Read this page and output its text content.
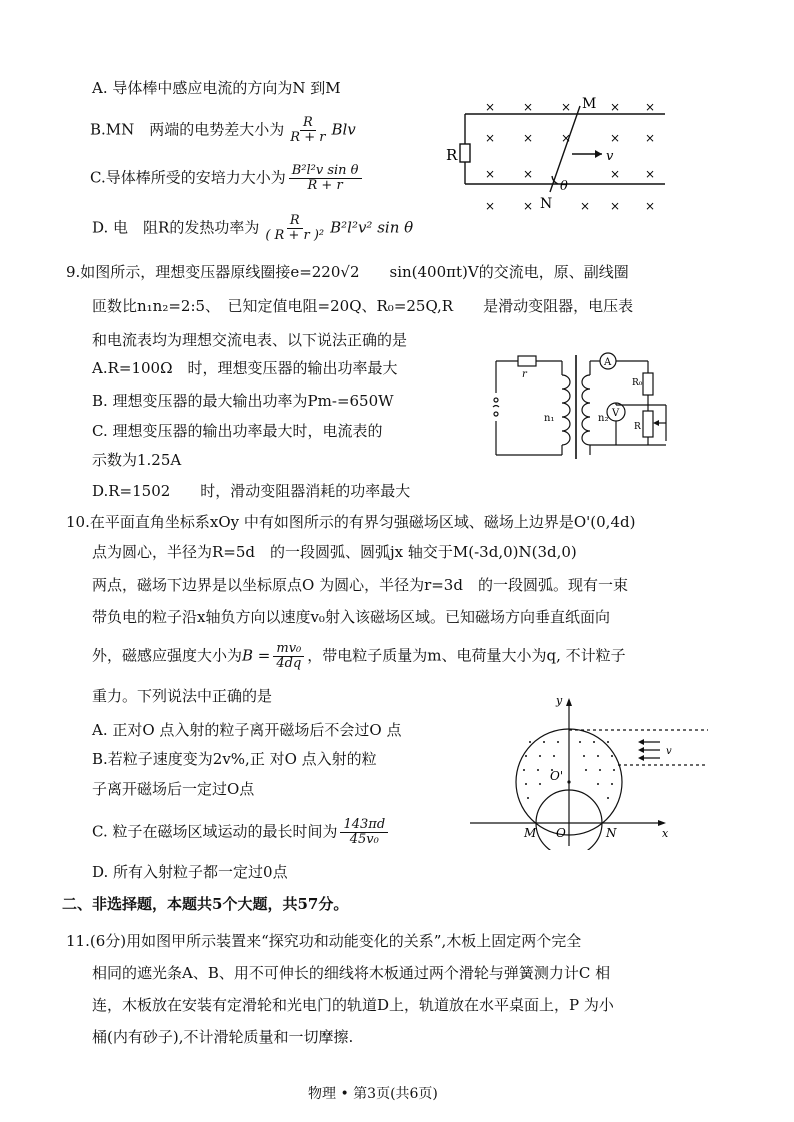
A. 导体棒中感应电流的方向为N 到M
B.MN　两端的电势差大小为 $\frac{R}{R + r}$ Blv
C.导体棒所受的安培力大小为 $\frac{\text{B²l²v sin θ}}{R + r}$
D. 电　阻R的发热功率为 $\frac{R}{\text{( R + r )²}} B^2l^2v^2$ sin θ
R
M
N
v
θ
× × ×	× ×
× × ×	× ×
× ×	× ×
× ×	× × ×
9.如图所示，理想变压器原线圈接e=220√2　　sin(400πt)V的交流电，原、副线圈
匝数比n₁n₂=2:5、　已知定值电阻=20Q、R₀=25Q,R　　是滑动变阻器，电压表
和电流表均为理想交流电表、以下说法正确的是
A.R=100Ω　时，理想变压器的输出功率最大
B. 理想变压器的最大输出功率为Pm-=650W
C. 理想变压器的输出功率最大时，电流表的
示数为1.25A
D.R=1502　　时，滑动变阻器消耗的功率最大
r
n₁	n₂
A
V
R₀
R
10.在平面直角坐标系xOy 中有如图所示的有界匀强磁场区域、磁场上边界是O'(0,4d)
点为圆心，半径为R=5d　的一段圆弧、圆弧jx 轴交于M(-3d,0)N(3d,0)
两点，磁场下边界是以坐标原点O 为圆心，半径为r=3d　的一段圆弧。现有一束
带负电的粒子沿x轴负方向以速度v₀射入该磁场区域。已知磁场方向垂直纸面向
外，磁感应强度大小为$B = \frac{\text{mv₀}}{4dq}$ ，带电粒子质量为m、电荷量大小为q, 不计粒子
重力。下列说法中正确的是
A. 正对O 点入射的粒子离开磁场后不会过O 点
B.若粒子速度变为2v%,正 对O 点入射的粒
子离开磁场后一定过O点
C. 粒子在磁场区域运动的最长时间为 $\frac{143\pi d}{\text{45v₀}}$
D. 所有入射粒子都一定过0点
y
x
v
O'
M O	N
二、非选择题，本题共5个大题，共57分。
11.(6分)用如图甲所示装置来“探究功和动能变化的关系”,木板上固定两个完全
相同的遮光条A、B、用不可伸长的细线将木板通过两个滑轮与弹簧测力计C 相
连，木板放在安装有定滑轮和光电门的轨道D上，轨道放在水平桌面上，P 为小
桶(内有砂子),不计滑轮质量和一切摩擦.
物理 • 第3页(共6页)
